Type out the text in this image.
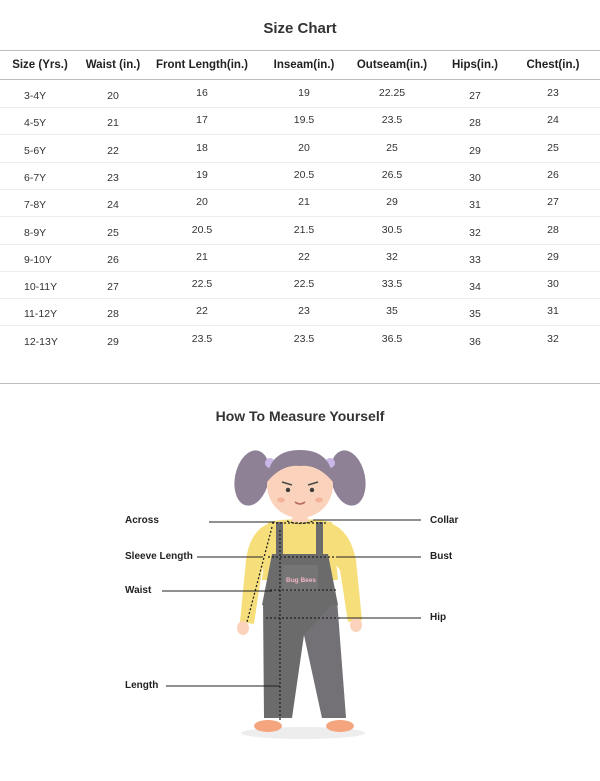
Size Chart
Size (Yrs.) Waist (in.) Front Length(in.) Inseam(in.) Outseam(in.) Hips(in.) Chest(in.)
3-4Y	20	16	19	22.25	27	23
4-5Y	21	17	19.5	23.5	28	24
5-6Y	22	18	20	25	29	25
6-7Y	23	19	20.5	26.5	30	26
7-8Y	24	20	21	29	31	27
8-9Y	25	20.5	21.5	30.5	32	28
9-10Y	26	21	22	32	33	29
10-11Y	27	22.5	22.5	33.5	34	30
11-12Y	28	22	23	35	35	31
12-13Y	29	23.5	23.5	36.5	36	32
How To Measure Yourself
Bug Bees
Across
Sleeve Length
Waist
Length
Collar
Bust
Hip
